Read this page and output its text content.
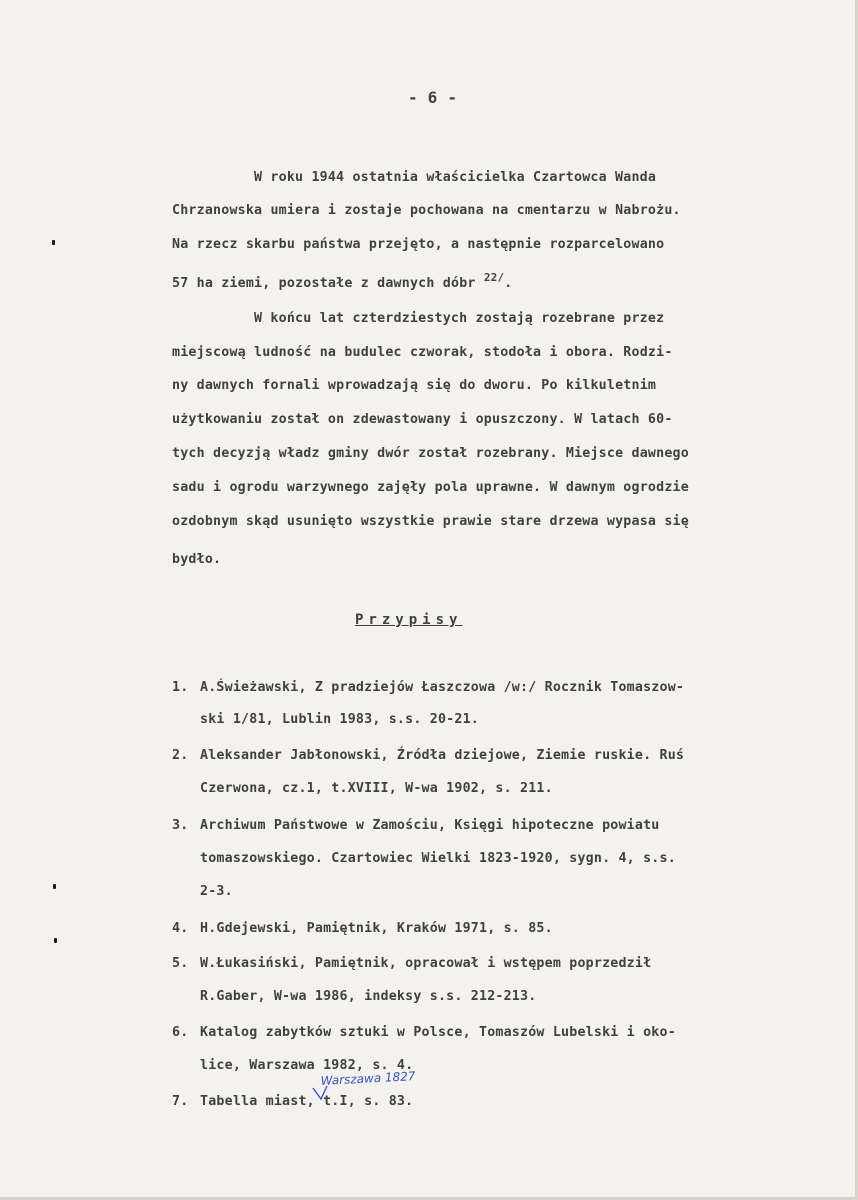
- 6 -
W roku 1944 ostatnia właścicielka Czartowca Wanda
Chrzanowska umiera i zostaje pochowana na cmentarzu w Nabrożu.
Na rzecz skarbu państwa przejęto, a następnie rozparcelowano
57 ha ziemi, pozostałe z dawnych dóbr $^{22/}$.
W końcu lat czterdziestych zostają rozebrane przez
miejscową ludność na budulec czworak, stodoła i obora. Rodzi-
ny dawnych fornali wprowadzają się do dworu. Po kilkuletnim
użytkowaniu został on zdewastowany i opuszczony. W latach 60-
tych decyzją władz gminy dwór został rozebrany. Miejsce dawnego
sadu i ogrodu warzywnego zajęły pola uprawne. W dawnym ogrodzie
ozdobnym skąd usunięto wszystkie prawie stare drzewa wypasa się
bydło.
Przypisy
1. A.Świeżawski, Z pradziejów Łaszczowa /w:/ Rocznik Tomaszow-
ski 1/81, Lublin 1983, s.s. 20-21.
2. Aleksander Jabłonowski, Źródła dziejowe, Ziemie ruskie. Ruś
Czerwona, cz.1, t.XVIII, W-wa 1902, s. 211.
3. Archiwum Państwowe w Zamościu, Księgi hipoteczne powiatu
tomaszowskiego. Czartowiec Wielki 1823-1920, sygn. 4, s.s.
2-3.
4. H.Gdejewski, Pamiętnik, Kraków 1971, s. 85.
5. W.Łukasiński, Pamiętnik, opracował i wstępem poprzedził
R.Gaber, W-wa 1986, indeksy s.s. 212-213.
6. Katalog zabytków sztuki w Polsce, Tomaszów Lubelski i oko-
lice, Warszawa 1982, s. 4.
7. Tabella miast, t.I, s. 83.
Warszawa 1827
